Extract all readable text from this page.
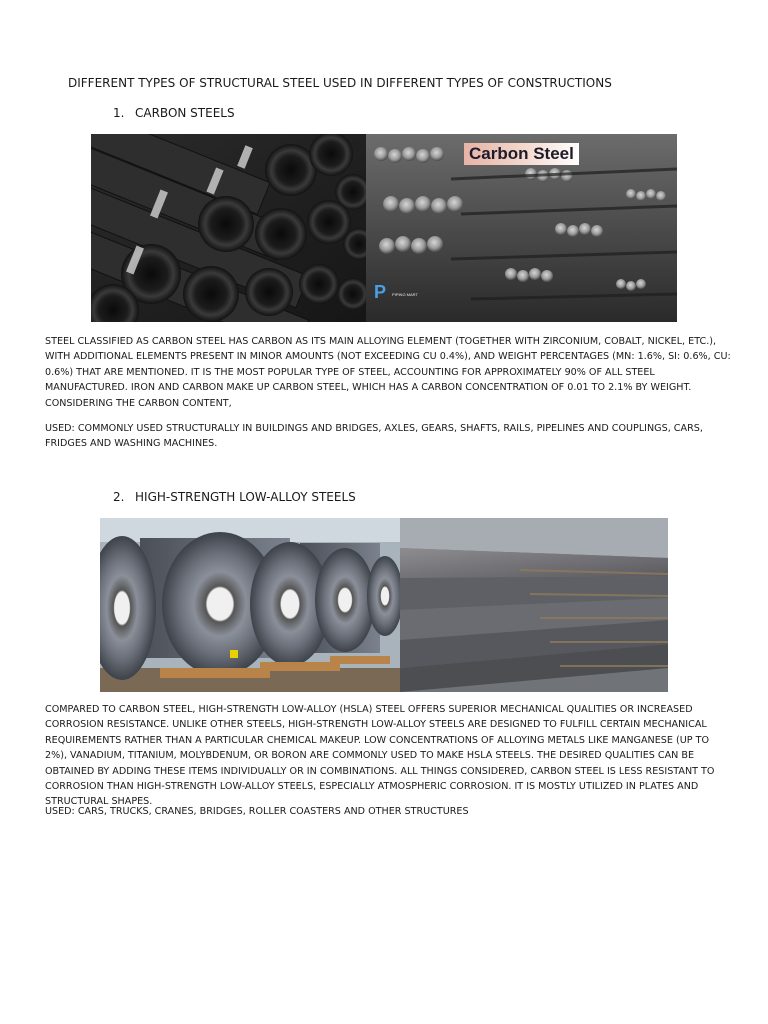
DIFFERENT TYPES OF STRUCTURAL STEEL USED IN DIFFERENT TYPES OF CONSTRUCTIONS
1. CARBON STEELS
Carbon Steel
P PIPING MART

STEEL CLASSIFIED AS CARBON STEEL HAS CARBON AS ITS MAIN ALLOYING ELEMENT (TOGETHER WITH ZIRCONIUM, COBALT, NICKEL, ETC.), WITH ADDITIONAL ELEMENTS PRESENT IN MINOR AMOUNTS (NOT EXCEEDING CU 0.4%), AND WEIGHT PERCENTAGES (MN: 1.6%, SI: 0.6%, CU: 0.6%) THAT ARE MENTIONED. IT IS THE MOST POPULAR TYPE OF STEEL, ACCOUNTING FOR APPROXIMATELY 90% OF ALL STEEL MANUFACTURED. IRON AND CARBON MAKE UP CARBON STEEL, WHICH HAS A CARBON CONCENTRATION OF 0.01 TO 2.1% BY WEIGHT. CONSIDERING THE CARBON CONTENT,

USED: COMMONLY USED STRUCTURALLY IN BUILDINGS AND BRIDGES, AXLES, GEARS, SHAFTS, RAILS, PIPELINES AND COUPLINGS, CARS, FRIDGES AND WASHING MACHINES.

2. HIGH-STRENGTH LOW-ALLOY STEELS

COMPARED TO CARBON STEEL, HIGH-STRENGTH LOW-ALLOY (HSLA) STEEL OFFERS SUPERIOR MECHANICAL QUALITIES OR INCREASED CORROSION RESISTANCE. UNLIKE OTHER STEELS, HIGH-STRENGTH LOW-ALLOY STEELS ARE DESIGNED TO FULFILL CERTAIN MECHANICAL REQUIREMENTS RATHER THAN A PARTICULAR CHEMICAL MAKEUP. LOW CONCENTRATIONS OF ALLOYING METALS LIKE MANGANESE (UP TO 2%), VANADIUM, TITANIUM, MOLYBDENUM, OR BORON ARE COMMONLY USED TO MAKE HSLA STEELS. THE DESIRED QUALITIES CAN BE OBTAINED BY ADDING THESE ITEMS INDIVIDUALLY OR IN COMBINATIONS. ALL THINGS CONSIDERED, CARBON STEEL IS LESS RESISTANT TO CORROSION THAN HIGH-STRENGTH LOW-ALLOY STEELS, ESPECIALLY ATMOSPHERIC CORROSION. IT IS MOSTLY UTILIZED IN PLATES AND STRUCTURAL SHAPES.

USED: CARS, TRUCKS, CRANES, BRIDGES, ROLLER COASTERS AND OTHER STRUCTURES
